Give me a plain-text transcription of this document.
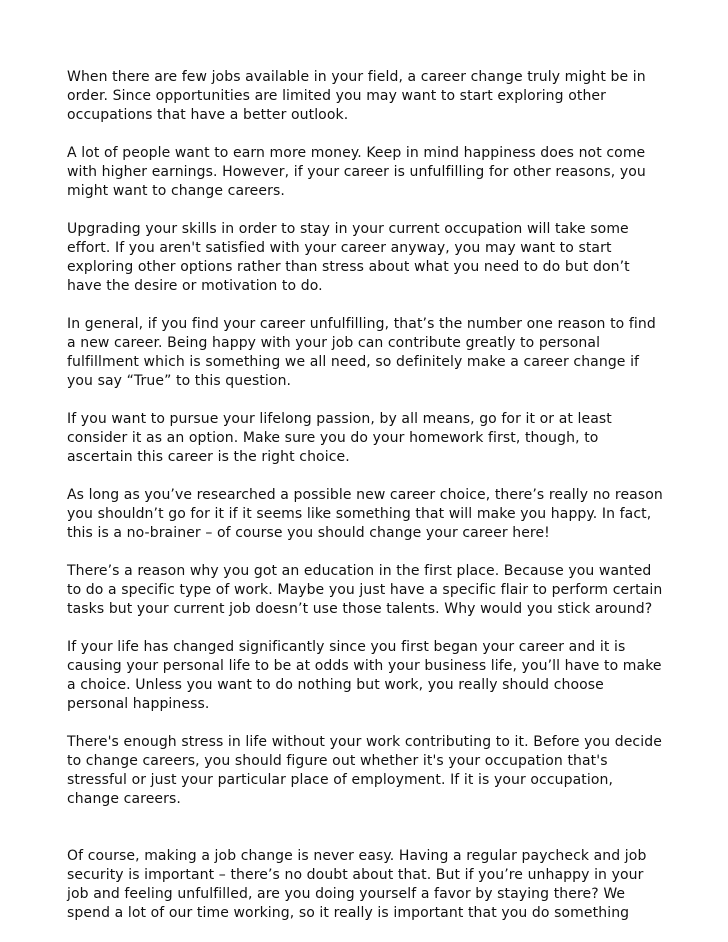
When there are few jobs available in your field, a career change truly might be in order. Since opportunities are limited you may want to start exploring other occupations that have a better outlook.

A lot of people want to earn more money. Keep in mind happiness does not come with higher earnings. However, if your career is unfulfilling for other reasons, you might want to change careers.

Upgrading your skills in order to stay in your current occupation will take some effort. If you aren't satisfied with your career anyway, you may want to start exploring other options rather than stress about what you need to do but don’t have the desire or motivation to do.

In general, if you find your career unfulfilling, that’s the number one reason to find a new career. Being happy with your job can contribute greatly to personal fulfillment which is something we all need, so definitely make a career change if you say “True” to this question.

If you want to pursue your lifelong passion, by all means, go for it or at least consider it as an option. Make sure you do your homework first, though, to ascertain this career is the right choice.

As long as you’ve researched a possible new career choice, there’s really no reason you shouldn’t go for it if it seems like something that will make you happy. In fact, this is a no-brainer – of course you should change your career here!

There’s a reason why you got an education in the first place. Because you wanted to do a specific type of work. Maybe you just have a specific flair to perform certain tasks but your current job doesn’t use those talents. Why would you stick around?

If your life has changed significantly since you first began your career and it is causing your personal life to be at odds with your business life, you’ll have to make a choice. Unless you want to do nothing but work, you really should choose personal happiness.

There's enough stress in life without your work contributing to it. Before you decide to change careers, you should figure out whether it's your occupation that's stressful or just your particular place of employment. If it is your occupation, change careers.

Of course, making a job change is never easy. Having a regular paycheck and job security is important – there’s no doubt about that. But if you’re unhappy in your job and feeling unfulfilled, are you doing yourself a favor by staying there? We spend a lot of our time working, so it really is important that you do something
